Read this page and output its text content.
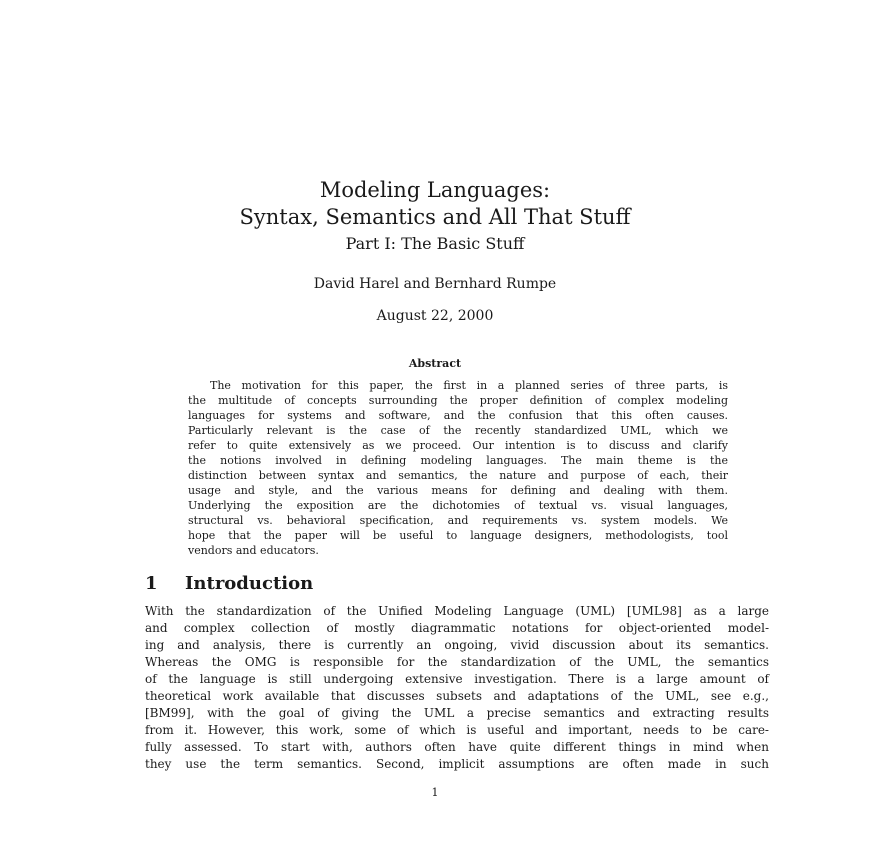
Modeling Languages:
Syntax, Semantics and All That Stuff
Part I: The Basic Stuff
David Harel and Bernhard Rumpe
August 22, 2000
Abstract
The motivation for this paper, the first in a planned series of three parts, is
the multitude of concepts surrounding the proper definition of complex modeling
languages for systems and software, and the confusion that this often causes.
Particularly relevant is the case of the recently standardized UML, which we
refer to quite extensively as we proceed. Our intention is to discuss and clarify
the notions involved in defining modeling languages. The main theme is the
distinction between syntax and semantics, the nature and purpose of each, their
usage and style, and the various means for defining and dealing with them.
Underlying the exposition are the dichotomies of textual vs. visual languages,
structural vs. behavioral specification, and requirements vs. system models. We
hope that the paper will be useful to language designers, methodologists, tool
vendors and educators.
1 Introduction
With the standardization of the Unified Modeling Language (UML) [UML98] as a large
and complex collection of mostly diagrammatic notations for object-oriented model-
ing and analysis, there is currently an ongoing, vivid discussion about its semantics.
Whereas the OMG is responsible for the standardization of the UML, the semantics
of the language is still undergoing extensive investigation. There is a large amount of
theoretical work available that discusses subsets and adaptations of the UML, see e.g.,
[BM99], with the goal of giving the UML a precise semantics and extracting results
from it. However, this work, some of which is useful and important, needs to be care-
fully assessed. To start with, authors often have quite different things in mind when
they use the term semantics. Second, implicit assumptions are often made in such
1
